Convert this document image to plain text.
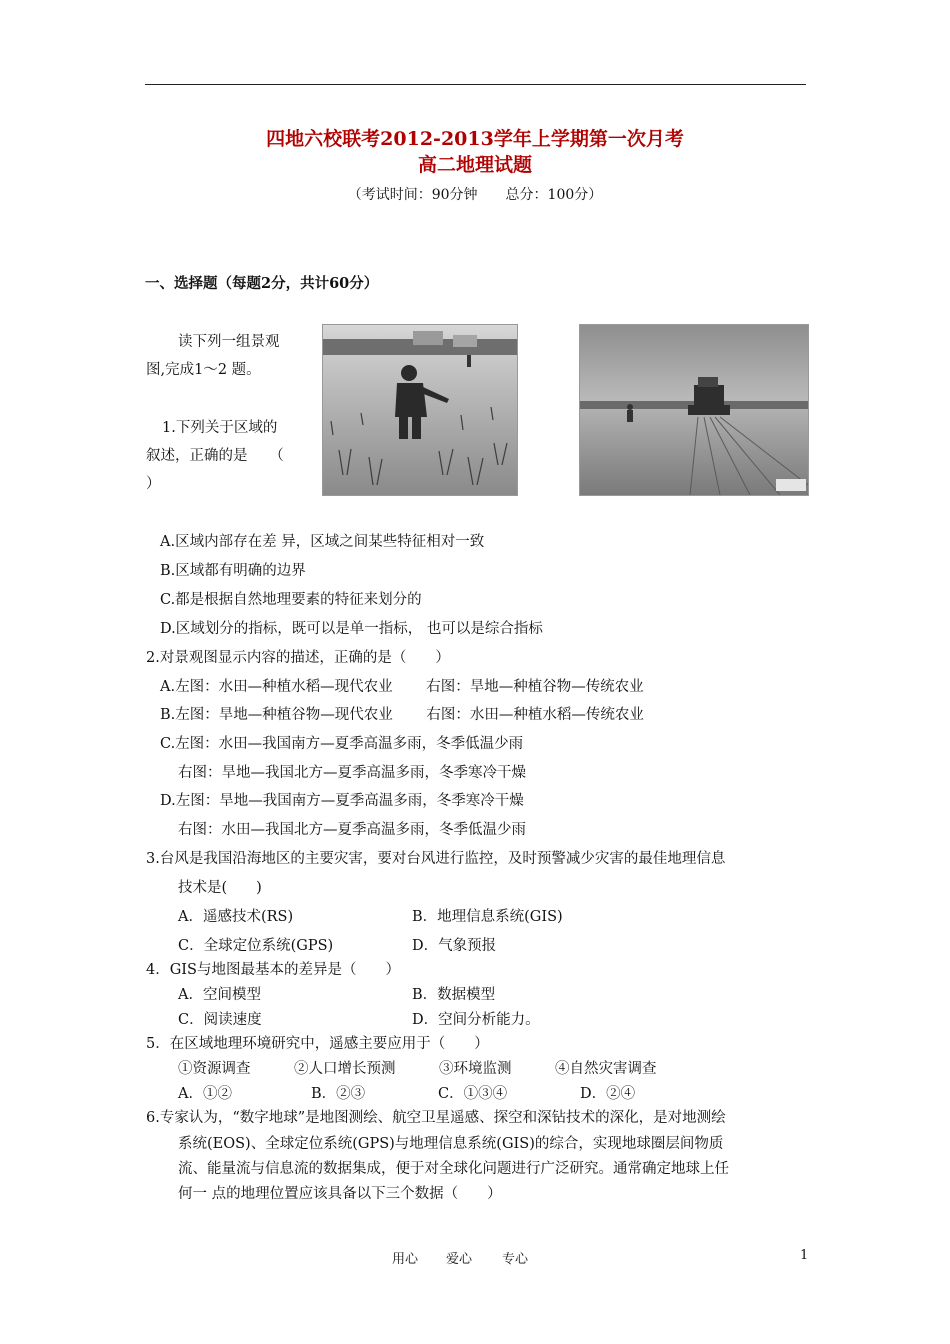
四地六校联考2012-2013学年上学期第一次月考
高二地理试题
（考试时间：90分钟　　总分：100分）
一、选择题（每题2分，共计60分）
读下列一组景观
图,完成1～2 题。
1.下列关于区域的
叙述，正确的是　　（
）
A.区域内部存在差 异，区域之间某些特征相对一致
B.区域都有明确的边界
C.都是根据自然地理要素的特征来划分的
D.区域划分的指标，既可以是单一指标， 也可以是综合指标
2.对景观图显示内容的描述，正确的是（　　）
A.左图：水田—种植水稻—现代农业　　 右图：旱地—种植谷物—传统农业
B.左图：旱地—种植谷物—现代农业　　 右图：水田—种植水稻—传统农业
C.左图：水田—我国南方—夏季高温多雨，冬季低温少雨
右图：旱地—我国北方—夏季高温多雨，冬季寒冷干燥
D.左图：旱地—我国南方—夏季高温多雨，冬季寒冷干燥
右图：水田—我国北方—夏季高温多雨，冬季低温少雨
3.台风是我国沿海地区的主要灾害，要对台风进行监控，及时预警减少灾害的最佳地理信息
技术是(　　)
A．遥感技术(RS)	B．地理信息系统(GIS)
C．全球定位系统(GPS)	D．气象预报
4．GIS与地图最基本的差异是（　　）
A．空间模型	B．数据模型
C．阅读速度	D．空间分析能力。
5．在区域地理环境研究中，遥感主要应用于（　　）
①资源调查　　　②人口增长预测　　　③环境监测　　　④自然灾害调查
A．①②	B．②③	C．①③④	D．②④
6.专家认为，“数字地球”是地图测绘、航空卫星遥感、探空和深钻技术的深化，是对地测绘
系统(EOS)、全球定位系统(GPS)与地理信息系统(GIS)的综合，实现地球圈层间物质
流、能量流与信息流的数据集成，便于对全球化问题进行广泛研究。通常确定地球上任
何一 点的地理位置应该具备以下三个数据（　　）
用心 爱心 专心	1
